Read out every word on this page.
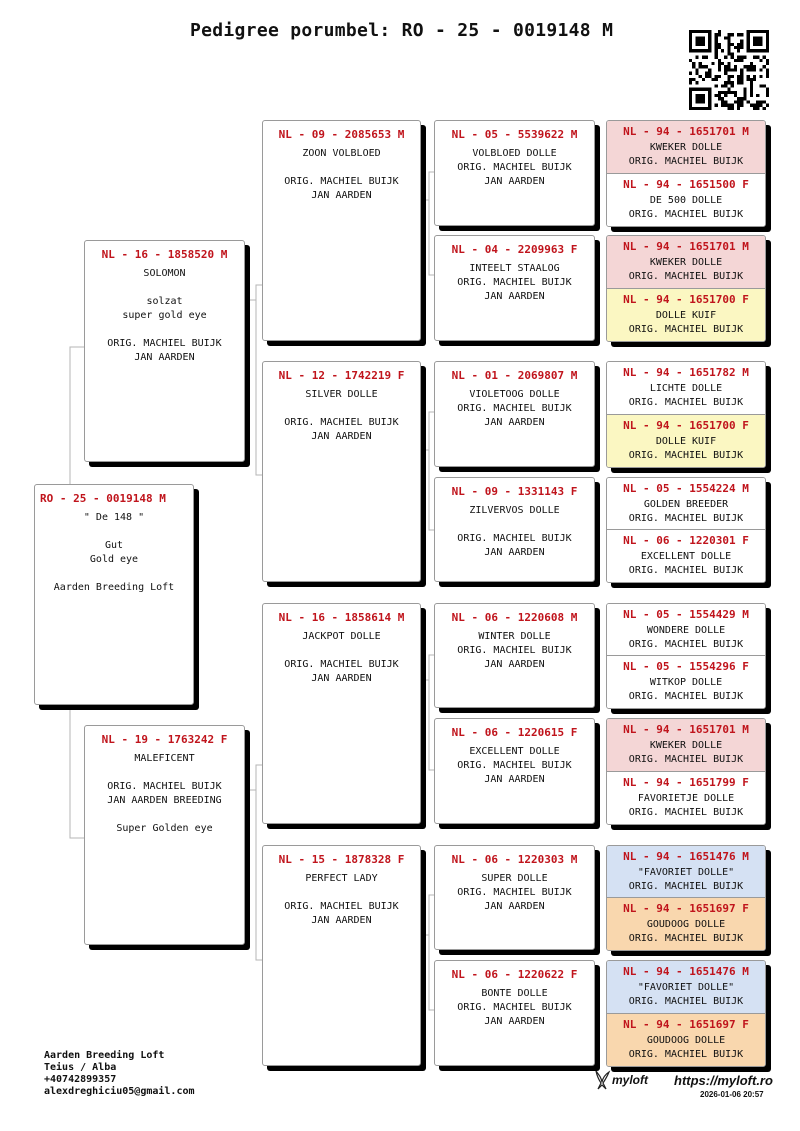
Pedigree porumbel: RO - 25 - 0019148 M
RO - 25 - 0019148 M
" De 148 "
Gut
Gold eye
Aarden Breeding Loft
NL - 16 - 1858520 M
SOLOMON
solzat
super gold eye
ORIG. MACHIEL BUIJK
JAN AARDEN
NL - 19 - 1763242 F
MALEFICENT
ORIG. MACHIEL BUIJK
JAN AARDEN BREEDING
Super Golden eye
NL - 09 - 2085653 M
ZOON VOLBLOED
ORIG. MACHIEL BUIJK
JAN AARDEN
NL - 12 - 1742219 F
SILVER DOLLE
ORIG. MACHIEL BUIJK
JAN AARDEN
NL - 16 - 1858614 M
JACKPOT DOLLE
ORIG. MACHIEL BUIJK
JAN AARDEN
NL - 15 - 1878328 F
PERFECT LADY
ORIG. MACHIEL BUIJK
JAN AARDEN
NL - 05 - 5539622 M
VOLBLOED DOLLE
ORIG. MACHIEL BUIJK
JAN AARDEN
NL - 04 - 2209963 F
INTEELT STAALOG
ORIG. MACHIEL BUIJK
JAN AARDEN
NL - 01 - 2069807 M
VIOLETOOG DOLLE
ORIG. MACHIEL BUIJK
JAN AARDEN
NL - 09 - 1331143 F
ZILVERVOS DOLLE
ORIG. MACHIEL BUIJK
JAN AARDEN
NL - 06 - 1220608 M
WINTER DOLLE
ORIG. MACHIEL BUIJK
JAN AARDEN
NL - 06 - 1220615 F
EXCELLENT DOLLE
ORIG. MACHIEL BUIJK
JAN AARDEN
NL - 06 - 1220303 M
SUPER DOLLE
ORIG. MACHIEL BUIJK
JAN AARDEN
NL - 06 - 1220622 F
BONTE DOLLE
ORIG. MACHIEL BUIJK
JAN AARDEN
NL - 94 - 1651701 M
KWEKER DOLLE
ORIG. MACHIEL BUIJK
NL - 94 - 1651500 F
DE 500 DOLLE
ORIG. MACHIEL BUIJK
NL - 94 - 1651701 M
KWEKER DOLLE
ORIG. MACHIEL BUIJK
NL - 94 - 1651700 F
DOLLE KUIF
ORIG. MACHIEL BUIJK
NL - 94 - 1651782 M
LICHTE DOLLE
ORIG. MACHIEL BUIJK
NL - 94 - 1651700 F
DOLLE KUIF
ORIG. MACHIEL BUIJK
NL - 05 - 1554224 M
GOLDEN BREEDER
ORIG. MACHIEL BUIJK
NL - 06 - 1220301 F
EXCELLENT DOLLE
ORIG. MACHIEL BUIJK
NL - 05 - 1554429 M
WONDERE DOLLE
ORIG. MACHIEL BUIJK
NL - 05 - 1554296 F
WITKOP DOLLE
ORIG. MACHIEL BUIJK
NL - 94 - 1651701 M
KWEKER DOLLE
ORIG. MACHIEL BUIJK
NL - 94 - 1651799 F
FAVORIETJE DOLLE
ORIG. MACHIEL BUIJK
NL - 94 - 1651476 M
"FAVORIET DOLLE"
ORIG. MACHIEL BUIJK
NL - 94 - 1651697 F
GOUDOOG DOLLE
ORIG. MACHIEL BUIJK
NL - 94 - 1651476 M
"FAVORIET DOLLE"
ORIG. MACHIEL BUIJK
NL - 94 - 1651697 F
GOUDOOG DOLLE
ORIG. MACHIEL BUIJK
Aarden Breeding Loft
Teius / Alba
+40742899357
alexdreghiciu05@gmail.com
myloft https://myloft.ro
2026-01-06 20:57
